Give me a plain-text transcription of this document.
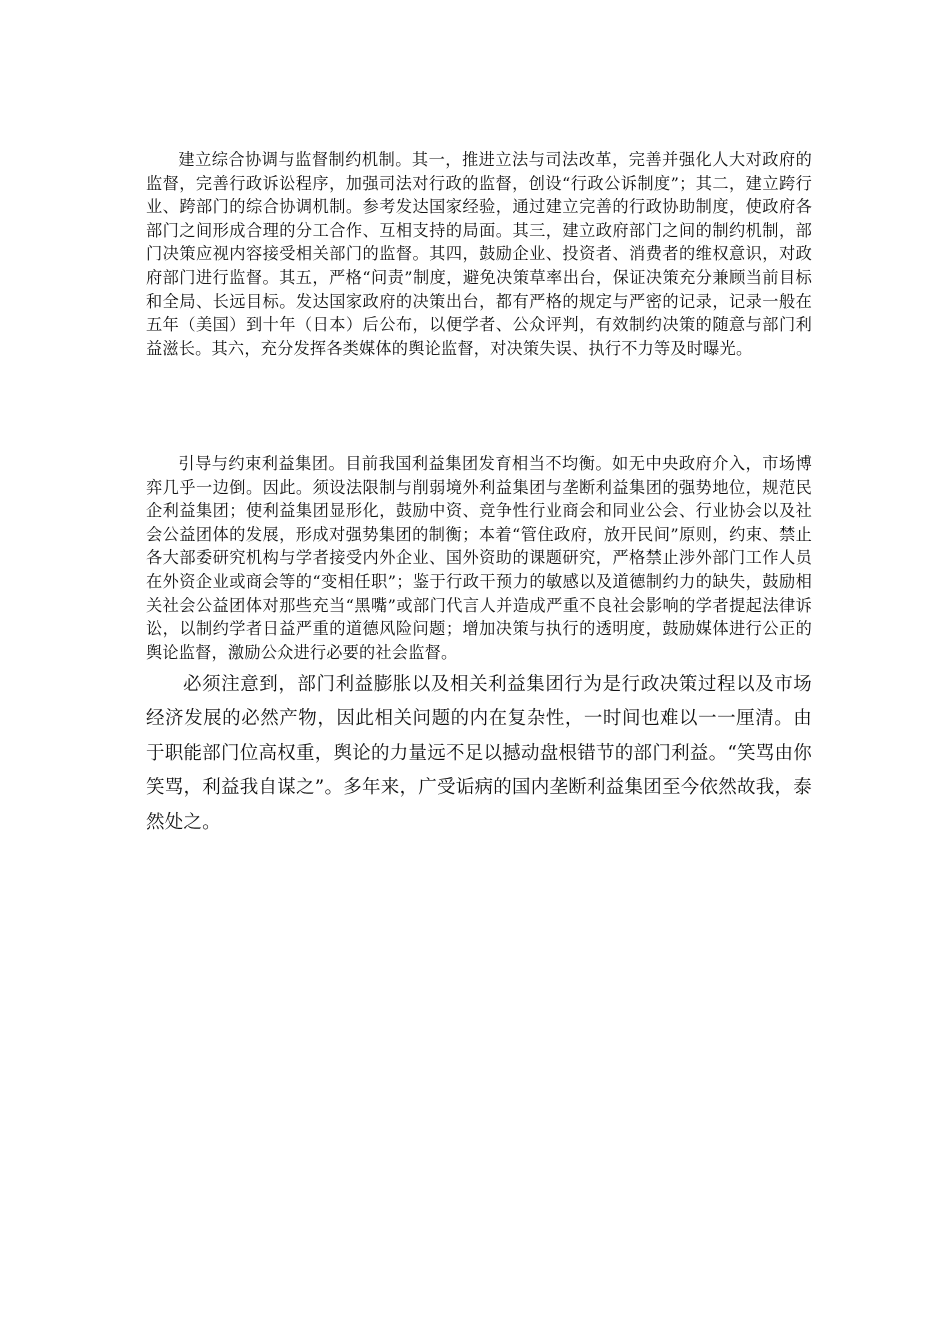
建立综合协调与监督制约机制。其一，推进立法与司法改革，完善并强化人大对政府的监督，完善行政诉讼程序，加强司法对行政的监督，创设“行政公诉制度”；其二，建立跨行业、跨部门的综合协调机制。参考发达国家经验，通过建立完善的行政协助制度，使政府各部门之间形成合理的分工合作、互相支持的局面。其三，建立政府部门之间的制约机制，部门决策应视内容接受相关部门的监督。其四，鼓励企业、投资者、消费者的维权意识，对政府部门进行监督。其五，严格“问责”制度，避免决策草率出台，保证决策充分兼顾当前目标和全局、长远目标。发达国家政府的决策出台，都有严格的规定与严密的记录，记录一般在五年（美国）到十年（日本）后公布，以便学者、公众评判，有效制约决策的随意与部门利益滋长。其六，充分发挥各类媒体的舆论监督，对决策失误、执行不力等及时曝光。

引导与约束利益集团。目前我国利益集团发育相当不均衡。如无中央政府介入，市场博弈几乎一边倒。因此。须设法限制与削弱境外利益集团与垄断利益集团的强势地位，规范民企利益集团；使利益集团显形化，鼓励中资、竞争性行业商会和同业公会、行业协会以及社会公益团体的发展，形成对强势集团的制衡；本着“管住政府，放开民间”原则，约束、禁止各大部委研究机构与学者接受内外企业、国外资助的课题研究，严格禁止涉外部门工作人员在外资企业或商会等的“变相任职”；鉴于行政干预力的敏感以及道德制约力的缺失，鼓励相关社会公益团体对那些充当“黑嘴”或部门代言人并造成严重不良社会影响的学者提起法律诉讼，以制约学者日益严重的道德风险问题；增加决策与执行的透明度，鼓励媒体进行公正的舆论监督，激励公众进行必要的社会监督。

必须注意到，部门利益膨胀以及相关利益集团行为是行政决策过程以及市场经济发展的必然产物，因此相关问题的内在复杂性，一时间也难以一一厘清。由于职能部门位高权重，舆论的力量远不足以撼动盘根错节的部门利益。“笑骂由你笑骂，利益我自谋之”。多年来，广受诟病的国内垄断利益集团至今依然故我，泰然处之。
